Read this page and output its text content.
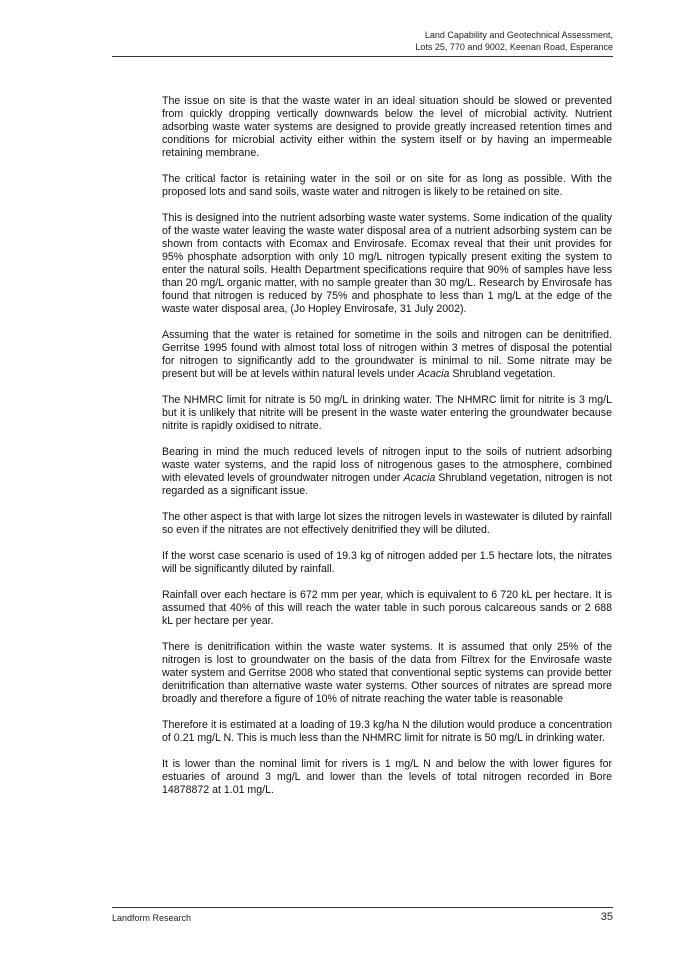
Land Capability and Geotechnical Assessment,
Lots 25, 770 and 9002, Keenan Road, Esperance

The issue on site is that the waste water in an ideal situation should be slowed or prevented from quickly dropping vertically downwards below the level of microbial activity. Nutrient adsorbing waste water systems are designed to provide greatly increased retention times and conditions for microbial activity either within the system itself or by having an impermeable retaining membrane.

The critical factor is retaining water in the soil or on site for as long as possible. With the proposed lots and sand soils, waste water and nitrogen is likely to be retained on site.

This is designed into the nutrient adsorbing waste water systems. Some indication of the quality of the waste water leaving the waste water disposal area of a nutrient adsorbing system can be shown from contacts with Ecomax and Envirosafe. Ecomax reveal that their unit provides for 95% phosphate adsorption with only 10 mg/L nitrogen typically present exiting the system to enter the natural soils. Health Department specifications require that 90% of samples have less than 20 mg/L organic matter, with no sample greater than 30 mg/L. Research by Envirosafe has found that nitrogen is reduced by 75% and phosphate to less than 1 mg/L at the edge of the waste water disposal area, (Jo Hopley Envirosafe, 31 July 2002).

Assuming that the water is retained for sometime in the soils and nitrogen can be denitrified. Gerritse 1995 found with almost total loss of nitrogen within 3 metres of disposal the potential for nitrogen to significantly add to the groundwater is minimal to nil. Some nitrate may be present but will be at levels within natural levels under Acacia Shrubland vegetation.

The NHMRC limit for nitrate is 50 mg/L in drinking water. The NHMRC limit for nitrite is 3 mg/L but it is unlikely that nitrite will be present in the waste water entering the groundwater because nitrite is rapidly oxidised to nitrate.

Bearing in mind the much reduced levels of nitrogen input to the soils of nutrient adsorbing waste water systems, and the rapid loss of nitrogenous gases to the atmosphere, combined with elevated levels of groundwater nitrogen under Acacia Shrubland vegetation, nitrogen is not regarded as a significant issue.

The other aspect is that with large lot sizes the nitrogen levels in wastewater is diluted by rainfall so even if the nitrates are not effectively denitrified they will be diluted.

If the worst case scenario is used of 19.3 kg of nitrogen added per 1.5 hectare lots, the nitrates will be significantly diluted by rainfall.

Rainfall over each hectare is 672 mm per year, which is equivalent to 6 720 kL per hectare. It is assumed that 40% of this will reach the water table in such porous calcareous sands or 2 688 kL per hectare per year.

There is denitrification within the waste water systems. It is assumed that only 25% of the nitrogen is lost to groundwater on the basis of the data from Filtrex for the Envirosafe waste water system and Gerritse 2008 who stated that conventional septic systems can provide better denitrification than alternative waste water systems. Other sources of nitrates are spread more broadly and therefore a figure of 10% of nitrate reaching the water table is reasonable

Therefore it is estimated at a loading of 19.3 kg/ha N the dilution would produce a concentration of 0.21 mg/L N. This is much less than the NHMRC limit for nitrate is 50 mg/L in drinking water.

It is lower than the nominal limit for rivers is 1 mg/L N and below the with lower figures for estuaries of around 3 mg/L and lower than the levels of total nitrogen recorded in Bore 14878872 at 1.01 mg/L.

Landform Research	35
